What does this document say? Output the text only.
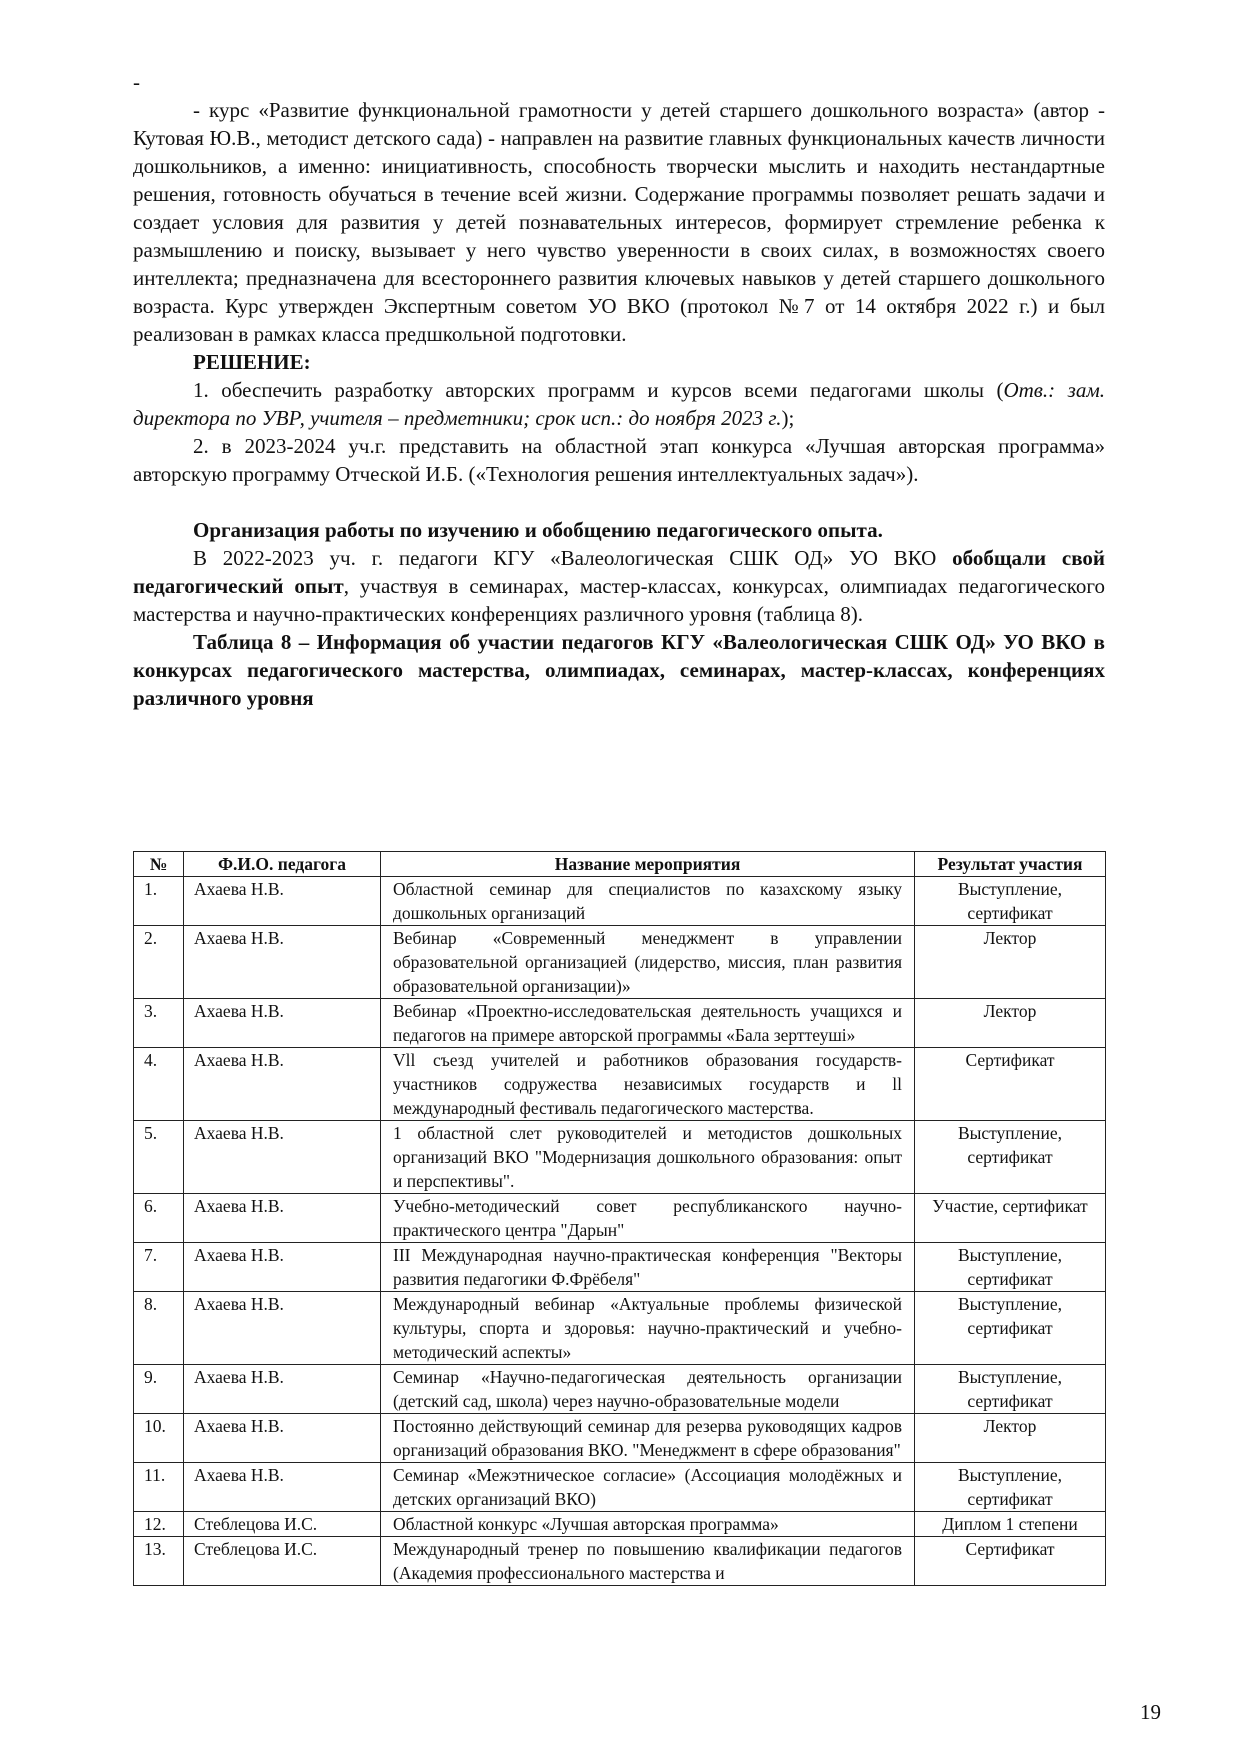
-

- курс «Развитие функциональной грамотности у детей старшего дошкольного возраста» (автор - Кутовая Ю.В., методист детского сада) - направлен на развитие главных функциональных качеств личности дошкольников, а именно: инициативность, способность творчески мыслить и находить нестандартные решения, готовность обучаться в течение всей жизни. Содержание программы позволяет решать задачи и создает условия для развития у детей познавательных интересов, формирует стремление ребенка к размышлению и поиску, вызывает у него чувство уверенности в своих силах, в возможностях своего интеллекта; предназначена для всестороннего развития ключевых навыков у детей старшего дошкольного возраста. Курс утвержден Экспертным советом УО ВКО (протокол №7 от 14 октября 2022 г.) и был реализован в рамках класса предшкольной подготовки.

РЕШЕНИЕ:

1. обеспечить разработку авторских программ и курсов всеми педагогами школы (Отв.: зам. директора по УВР, учителя – предметники; срок исп.: до ноября 2023 г.);

2. в 2023-2024 уч.г. представить на областной этап конкурса «Лучшая авторская программа» авторскую программу Отческой И.Б. («Технология решения интеллектуальных задач»).

Организация работы по изучению и обобщению педагогического опыта.

В 2022-2023 уч. г. педагоги КГУ «Валеологическая СШК ОД» УО ВКО обобщали свой педагогический опыт, участвуя в семинарах, мастер-классах, конкурсах, олимпиадах педагогического мастерства и научно-практических конференциях различного уровня (таблица 8).

Таблица 8 – Информация об участии педагогов КГУ «Валеологическая СШК ОД» УО ВКО в конкурсах педагогического мастерства, олимпиадах, семинарах, мастер-классах, конференциях различного уровня

№	Ф.И.О. педагога	Название мероприятия	Результат участия
1.	Ахаева Н.В.	Областной семинар для специалистов по казахскому языку дошкольных организаций	Выступление, сертификат
2.	Ахаева Н.В.	Вебинар «Современный менеджмент в управлении образовательной организацией (лидерство, миссия, план развития образовательной организации)»	Лектор
3.	Ахаева Н.В.	Вебинар «Проектно-исследовательская деятельность учащихся и педагогов на примере авторской программы «Бала зерттеуші»	Лектор
4.	Ахаева Н.В.	Vll съезд учителей и работников образования государств-участников содружества независимых государств и ll международный фестиваль педагогического мастерства.	Сертификат
5.	Ахаева Н.В.	1 областной слет руководителей и методистов дошкольных организаций ВКО "Модернизация дошкольного образования: опыт и перспективы".	Выступление, сертификат
6.	Ахаева Н.В.	Учебно-методический совет республиканского научно-практического центра "Дарын"	Участие, сертификат
7.	Ахаева Н.В.	III Международная научно-практическая конференция "Векторы развития педагогики Ф.Фрёбеля"	Выступление, сертификат
8.	Ахаева Н.В.	Международный вебинар «Актуальные проблемы физической культуры, спорта и здоровья: научно-практический и учебно-методический аспекты»	Выступление, сертификат
9.	Ахаева Н.В.	Семинар «Научно-педагогическая деятельность организации (детский сад, школа) через научно-образовательные модели	Выступление, сертификат
10.	Ахаева Н.В.	Постоянно действующий семинар для резерва руководящих кадров организаций образования ВКО. "Менеджмент в сфере образования"	Лектор
11.	Ахаева Н.В.	Семинар «Межэтническое согласие» (Ассоциация молодёжных и детских организаций ВКО)	Выступление, сертификат
12.	Стеблецова И.С.	Областной конкурс «Лучшая авторская программа»	Диплом 1 степени
13.	Стеблецова И.С.	Международный тренер по повышению квалификации педагогов (Академия профессионального мастерства и	Сертификат
19
